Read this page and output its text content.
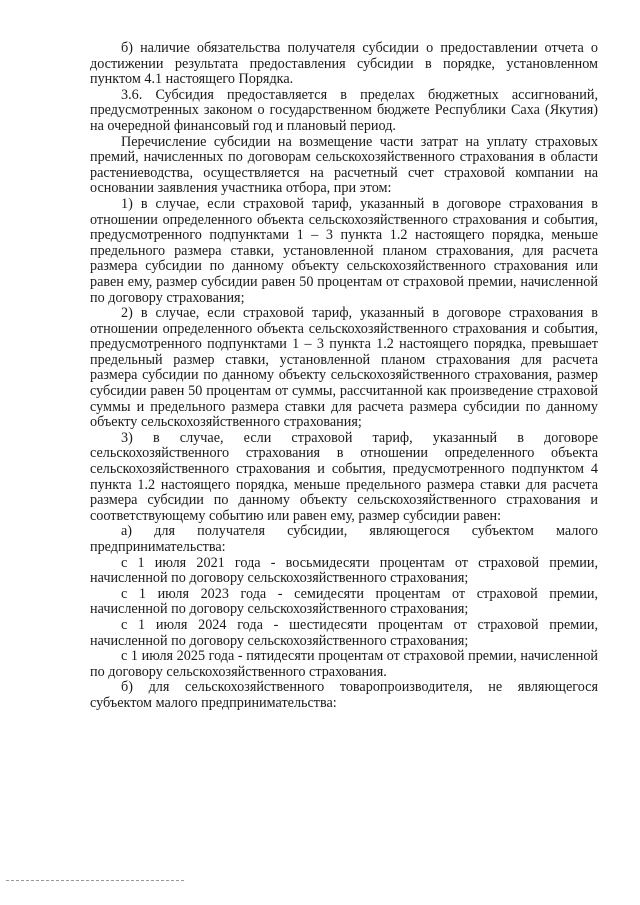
б) наличие обязательства получателя субсидии о предоставлении отчета о достижении результата предоставления субсидии в порядке, установленном пунктом 4.1 настоящего Порядка.

3.6. Субсидия предоставляется в пределах бюджетных ассигнований, предусмотренных законом о государственном бюджете Республики Саха (Якутия) на очередной финансовый год и плановый период.

Перечисление субсидии на возмещение части затрат на уплату страховых премий, начисленных по договорам сельскохозяйственного страхования в области растениеводства, осуществляется на расчетный счет страховой компании на основании заявления участника отбора, при этом:

1) в случае, если страховой тариф, указанный в договоре страхования в отношении определенного объекта сельскохозяйственного страхования и события, предусмотренного подпунктами 1 – 3 пункта 1.2 настоящего порядка, меньше предельного размера ставки, установленной планом страхования, для расчета размера субсидии по данному объекту сельскохозяйственного страхования или равен ему, размер субсидии равен 50 процентам от страховой премии, начисленной по договору страхования;

2) в случае, если страховой тариф, указанный в договоре страхования в отношении определенного объекта сельскохозяйственного страхования и события, предусмотренного подпунктами 1 – 3 пункта 1.2 настоящего порядка, превышает предельный размер ставки, установленной планом страхования для расчета размера субсидии по данному объекту сельскохозяйственного страхования, размер субсидии равен 50 процентам от суммы, рассчитанной как произведение страховой суммы и предельного размера ставки для расчета размера субсидии по данному объекту сельскохозяйственного страхования;

3) в случае, если страховой тариф, указанный в договоре сельскохозяйственного страхования в отношении определенного объекта сельскохозяйственного страхования и события, предусмотренного подпунктом 4 пункта 1.2 настоящего порядка, меньше предельного размера ставки для расчета размера субсидии по данному объекту сельскохозяйственного страхования и соответствующему событию или равен ему, размер субсидии равен:

а) для получателя субсидии, являющегося субъектом малого предпринимательства:

с 1 июля 2021 года - восьмидесяти процентам от страховой премии, начисленной по договору сельскохозяйственного страхования;

с 1 июля 2023 года - семидесяти процентам от страховой премии, начисленной по договору сельскохозяйственного страхования;

с 1 июля 2024 года - шестидесяти процентам от страховой премии, начисленной по договору сельскохозяйственного страхования;

с 1 июля 2025 года - пятидесяти процентам от страховой премии, начисленной по договору сельскохозяйственного страхования.

б) для сельскохозяйственного товаропроизводителя, не являющегося субъектом малого предпринимательства:
